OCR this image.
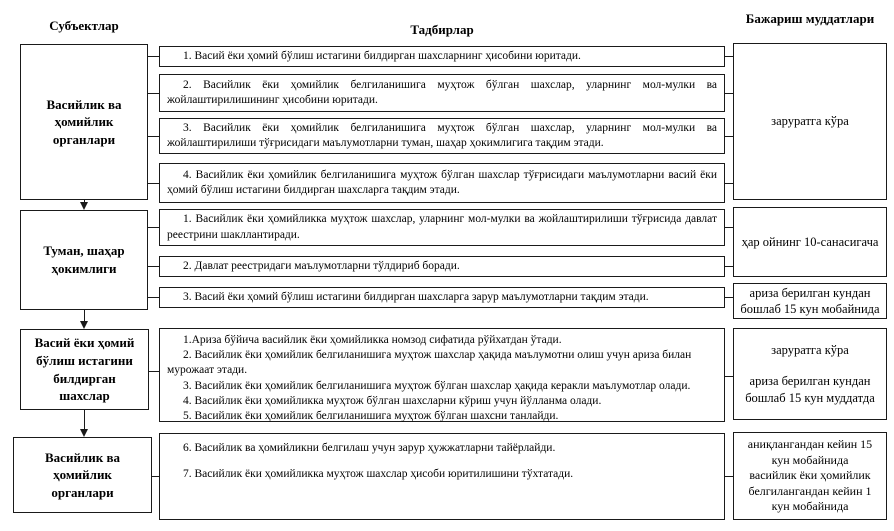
Субъектлар	Тадбирлар
Бажариш муддатлари
Васийлик ва ҳомийлик органлари

1. Васий ёки ҳомий бўлиш истагини билдирган шахсларнинг ҳисобини юритади.

2. Васийлик ёки ҳомийлик белгиланишига муҳтож бўлган шахслар, уларнинг мол-мулки ва жойлаштирилишининг ҳисобини юритади.

3. Васийлик ёки ҳомийлик белгиланишига муҳтож бўлган шахслар, уларнинг мол-мулки ва жойлаштирилиши тўғрисидаги маълумотларни туман, шаҳар ҳокимлигига тақдим этади.

4. Васийлик ёки ҳомийлик белгиланишига муҳтож бўлган шахслар тўғрисидаги маълумотларни васий ёки ҳомий бўлиш истагини билдирган шахсларга тақдим этади.

заруратга кўра
Туман, шаҳар ҳокимлиги

1. Васийлик ёки ҳомийликка муҳтож шахслар, уларнинг мол-мулки ва жойлаштирилиши тўғрисида давлат реестрини шакллантиради.

2. Давлат реестридаги маълумотларни тўлдириб боради.

3. Васий ёки ҳомий бўлиш истагини билдирган шахсларга зарур маълумотларни тақдим этади.

ҳар ойнинг 10-санасигача
ариза берилган кундан бошлаб 15 кун мобайнида
Васий ёки ҳомий бўлиш истагини билдирган шахслар

1.Ариза бўйича васийлик ёки ҳомийликка номзод сифатида рўйхатдан ўтади.

2. Васийлик ёки ҳомийлик белгиланишига муҳтож шахслар ҳақида маълумотни олиш учун ариза билан мурожаат этади.

3. Васийлик ёки ҳомийлик белгиланишига муҳтож бўлган шахслар ҳақида керакли маълумотлар олади.

4. Васийлик ёки ҳомийликка муҳтож бўлган шахсларни кўриш учун йўлланма олади.

5. Васийлик ёки ҳомийлик белгиланишига муҳтож бўлган шахсни танлайди.

заруратга кўра
ариза берилган кундан бошлаб 15 кун муддатда
Васийлик ва ҳомийлик органлари

6. Васийлик ва ҳомийликни белгилаш учун зарур ҳужжатларни тайёрлайди.

7. Васийлик ёки ҳомийликка муҳтож шахслар ҳисоби юритилишини тўхтатади.

аниқлангандан кейин 15 кун мобайнида
васийлик ёки ҳомийлик белгилангандан кейин 1 кун мобайнида
